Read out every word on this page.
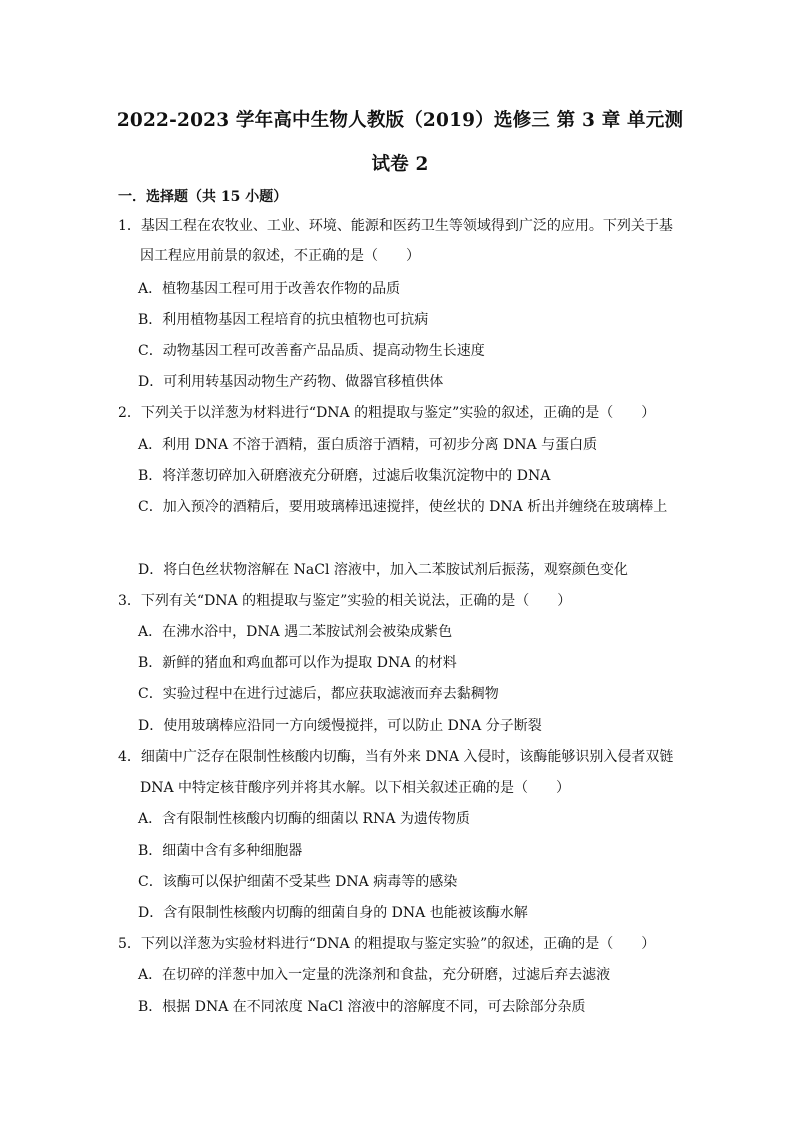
2022-2023 学年高中生物人教版（2019）选修三 第 3 章 单元测
试卷 2
一．选择题（共 15 小题）
1．基因工程在农牧业、工业、环境、能源和医药卫生等领域得到广泛的应用。下列关于基
因工程应用前景的叙述，不正确的是（　　）
A．植物基因工程可用于改善农作物的品质
B．利用植物基因工程培育的抗虫植物也可抗病
C．动物基因工程可改善畜产品品质、提高动物生长速度
D．可利用转基因动物生产药物、做器官移植供体
2．下列关于以洋葱为材料进行“DNA 的粗提取与鉴定”实验的叙述，正确的是（　　）
A．利用 DNA 不溶于酒精，蛋白质溶于酒精，可初步分离 DNA 与蛋白质
B．将洋葱切碎加入研磨液充分研磨，过滤后收集沉淀物中的 DNA
C．加入预冷的酒精后，要用玻璃棒迅速搅拌，使丝状的 DNA 析出并缠绕在玻璃棒上
D．将白色丝状物溶解在 NaCl 溶液中，加入二苯胺试剂后振荡，观察颜色变化
3．下列有关“DNA 的粗提取与鉴定”实验的相关说法，正确的是（　　）
A．在沸水浴中，DNA 遇二苯胺试剂会被染成紫色
B．新鲜的猪血和鸡血都可以作为提取 DNA 的材料
C．实验过程中在进行过滤后，都应获取滤液而弃去黏稠物
D．使用玻璃棒应沿同一方向缓慢搅拌，可以防止 DNA 分子断裂
4．细菌中广泛存在限制性核酸内切酶，当有外来 DNA 入侵时，该酶能够识别入侵者双链
DNA 中特定核苷酸序列并将其水解。以下相关叙述正确的是（　　）
A．含有限制性核酸内切酶的细菌以 RNA 为遗传物质
B．细菌中含有多种细胞器
C．该酶可以保护细菌不受某些 DNA 病毒等的感染
D．含有限制性核酸内切酶的细菌自身的 DNA 也能被该酶水解
5．下列以洋葱为实验材料进行“DNA 的粗提取与鉴定实验”的叙述，正确的是（　　）
A．在切碎的洋葱中加入一定量的洗涤剂和食盐，充分研磨，过滤后弃去滤液
B．根据 DNA 在不同浓度 NaCl 溶液中的溶解度不同，可去除部分杂质
